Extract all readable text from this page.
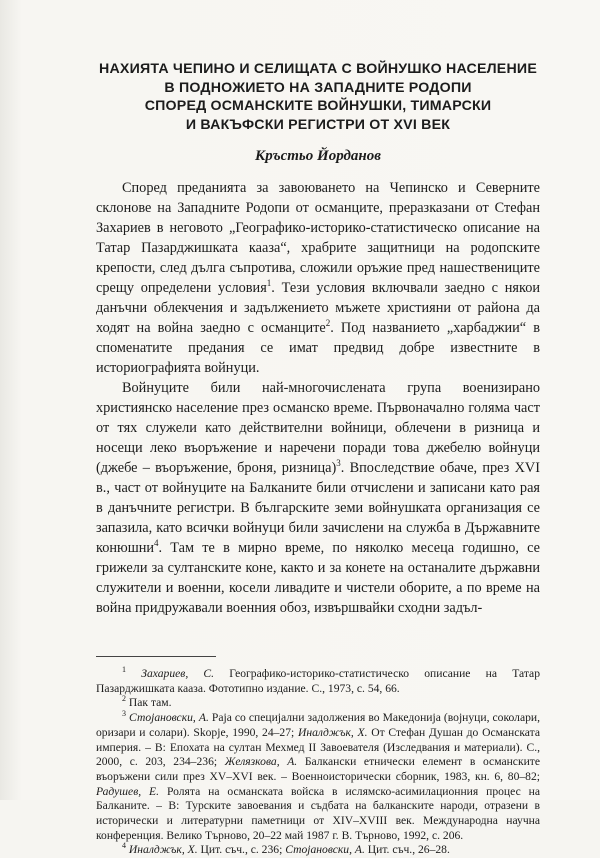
НАХИЯТА ЧЕПИНО И СЕЛИЩАТА С ВОЙНУШКО НАСЕЛЕНИЕ
В ПОДНОЖИЕТО НА ЗАПАДНИТЕ РОДОПИ
СПОРЕД ОСМАНСКИТЕ ВОЙНУШКИ, ТИМАРСКИ
И ВАКЪФСКИ РЕГИСТРИ ОТ XVI ВЕК
Кръстьо Йорданов

Според преданията за завоюването на Чепинско и Северните склонове на Западните Родопи от османците, преразказани от Стефан Захариев в неговото „Географико-историко-статистическо описание на Татар Пазарджишката кааза“, храбрите защитници на родопските крепости, след дълга съпротива, сложили оръжие пред нашествениците срещу определени условия$^1$. Тези условия включвали заедно с някои данъчни облекчения и задължението мъжете християни от района да ходят на война заедно с османците$^2$. Под названието „харбаджии“ в споменатите предания се имат предвид добре известните в историографията войнуци.

Войнуците били най-многочислената група военизирано християнско население през османско време. Първоначално голяма част от тях служели като действителни войници, облечени в ризница и носещи леко въоръжение и наречени поради това джебелю войнуци (джебе – въоръжение, броня, ризница)$^3$. Впоследствие обаче, през XVI в., част от войнуците на Балканите били отчислени и записани като рая в данъчните регистри. В българските земи войнушката организация се запазила, като всички войнуци били зачислени на служба в Държавните конюшни$^4$. Там те в мирно време, по няколко месеца годишно, се грижели за султанските коне, както и за конете на останалите държавни служители и военни, косели ливадите и чистели оборите, а по време на война придружавали военния обоз, извършвайки сходни задъл-

$^1$ Захариев, С. Географико-историко-статистическо описание на Татар Пазарджишката кааза. Фототипно издание. С., 1973, с. 54, 66.

$^2$ Пак там.

$^3$ Стојановски, А. Раја со специјални задолжения во Македонија (војнуци, соколари, оризари и солари). Skopje, 1990, 24–27; Иналджък, Х. От Стефан Душан до Османската империя. – В: Епохата на султан Мехмед II Завоевателя (Изследвания и материали). С., 2000, с. 203, 234–236; Желязкова, А. Балкански етнически елемент в османските въоръжени сили през XV–XVI век. – Военноисторически сборник, 1983, кн. 6, 80–82; Радушев, Е. Ролята на османската войска в ислямско-асимилационния процес на Балканите. – В: Турските завоевания и съдбата на балканските народи, отразени в исторически и литературни паметници от XIV–XVIII век. Международна научна конференция. Велико Търново, 20–22 май 1987 г. В. Търново, 1992, с. 206.

$^4$ Иналджък, Х. Цит. съч., с. 236; Стојановски, А. Цит. съч., 26–28.
